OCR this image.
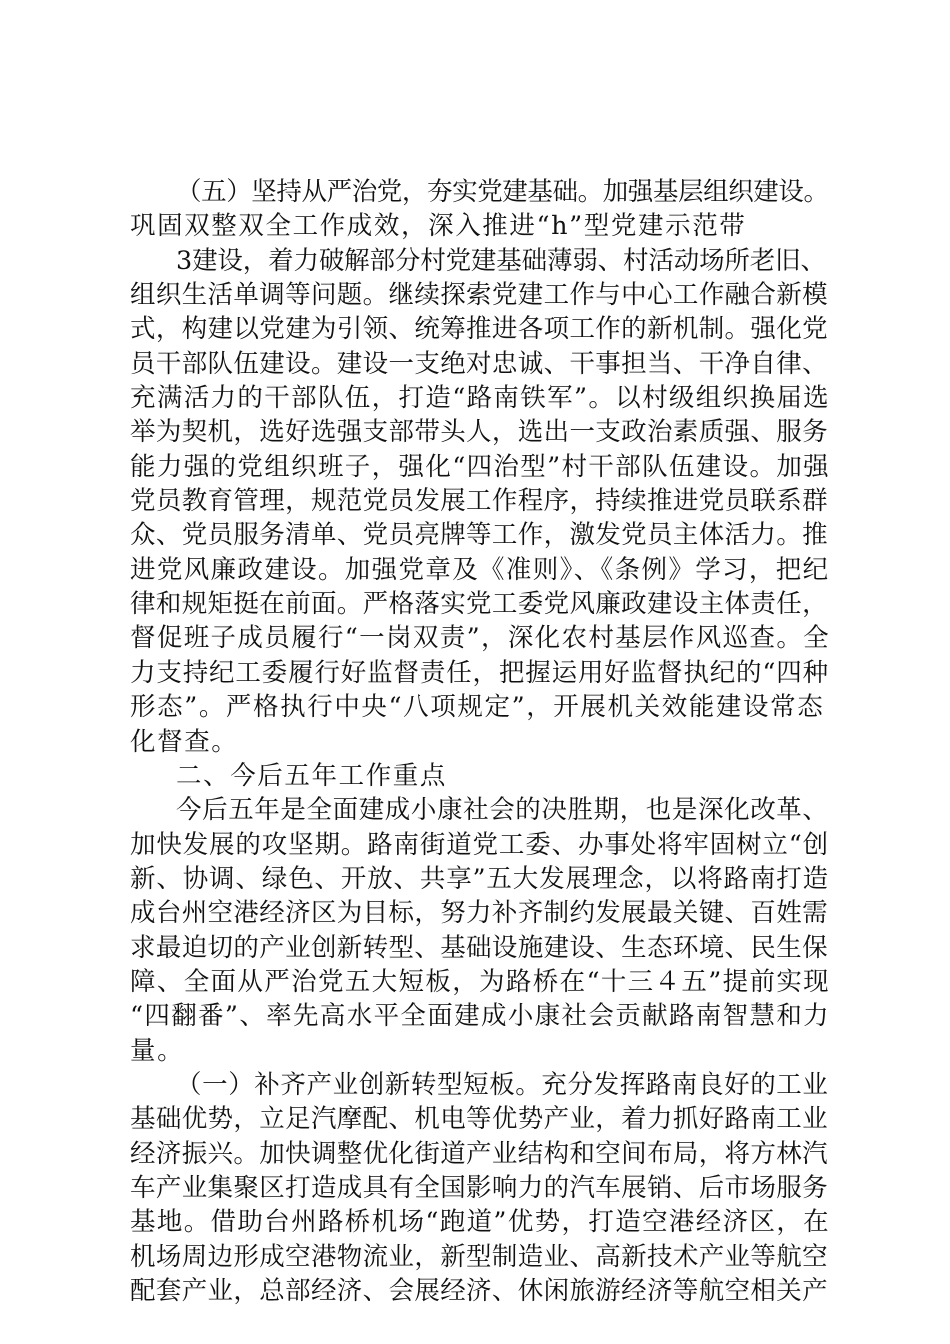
（五）坚持从严治党，夯实党建基础。加强基层组织建设。
巩固双整双全工作成效，深入推进“h”型党建示范带
3建设，着力破解部分村党建基础薄弱、村活动场所老旧、
组织生活单调等问题。继续探索党建工作与中心工作融合新模
式，构建以党建为引领、统筹推进各项工作的新机制。强化党
员干部队伍建设。建设一支绝对忠诚、干事担当、干净自律、
充满活力的干部队伍，打造“路南铁军”。以村级组织换届选
举为契机，选好选强支部带头人，选出一支政治素质强、服务
能力强的党组织班子，强化“四治型”村干部队伍建设。加强
党员教育管理，规范党员发展工作程序，持续推进党员联系群
众、党员服务清单、党员亮牌等工作，激发党员主体活力。推
进党风廉政建设。加强党章及《准则》、《条例》学习，把纪
律和规矩挺在前面。严格落实党工委党风廉政建设主体责任，
督促班子成员履行“一岗双责”，深化农村基层作风巡查。全
力支持纪工委履行好监督责任，把握运用好监督执纪的“四种
形态”。严格执行中央“八项规定”，开展机关效能建设常态
化督查。
二、今后五年工作重点
今后五年是全面建成小康社会的决胜期，也是深化改革、
加快发展的攻坚期。路南街道党工委、办事处将牢固树立“创
新、协调、绿色、开放、共享”五大发展理念，以将路南打造
成台州空港经济区为目标，努力补齐制约发展最关键、百姓需
求最迫切的产业创新转型、基础设施建设、生态环境、民生保
障、全面从严治党五大短板，为路桥在“十三４五”提前实现
“四翻番”、率先高水平全面建成小康社会贡献路南智慧和力
量。
（一）补齐产业创新转型短板。充分发挥路南良好的工业
基础优势，立足汽摩配、机电等优势产业，着力抓好路南工业
经济振兴。加快调整优化街道产业结构和空间布局，将方林汽
车产业集聚区打造成具有全国影响力的汽车展销、后市场服务
基地。借助台州路桥机场“跑道”优势，打造空港经济区，在
机场周边形成空港物流业，新型制造业、高新技术产业等航空
配套产业，总部经济、会展经济、休闲旅游经济等航空相关产
